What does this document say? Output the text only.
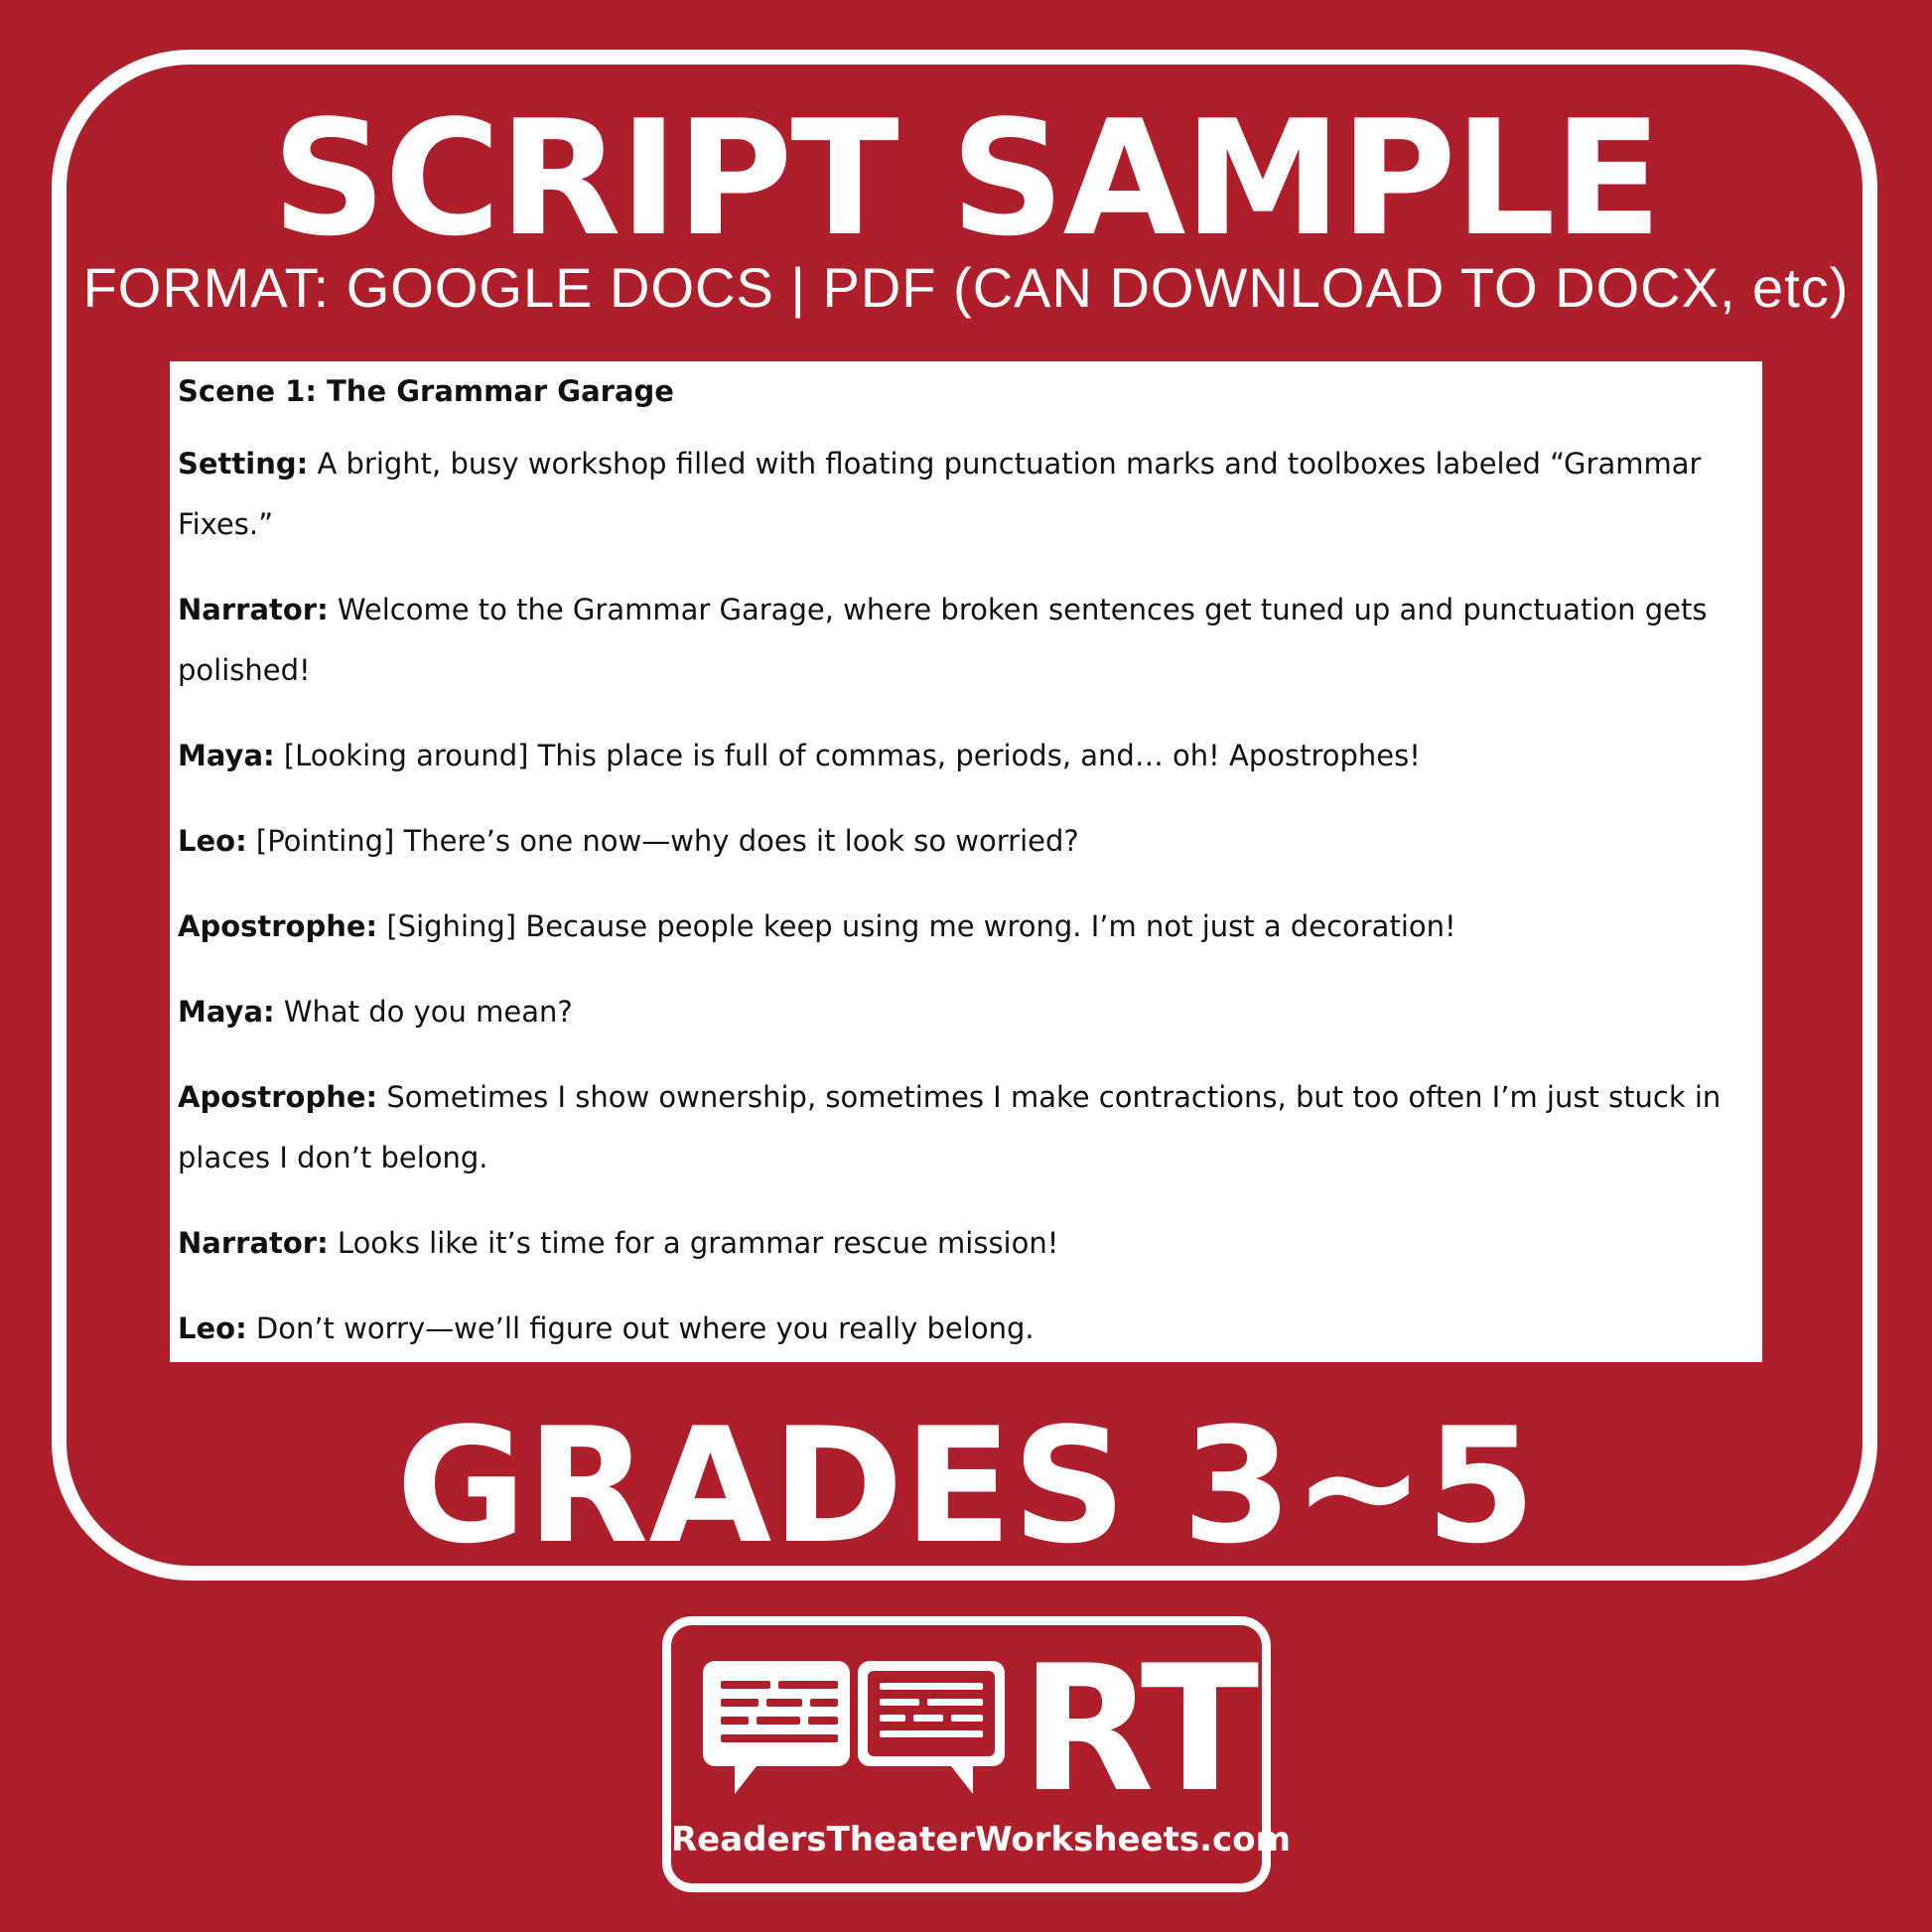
SCRIPT SAMPLE
FORMAT: GOOGLE DOCS | PDF (CAN DOWNLOAD TO DOCX, etc)
Scene 1: The Grammar Garage

Setting: A bright, busy workshop filled with floating punctuation marks and toolboxes labeled “Grammar Fixes.”

Narrator: Welcome to the Grammar Garage, where broken sentences get tuned up and punctuation gets polished!

Maya: [Looking around] This place is full of commas, periods, and… oh! Apostrophes!

Leo: [Pointing] There’s one now—why does it look so worried?

Apostrophe: [Sighing] Because people keep using me wrong. I’m not just a decoration!

Maya: What do you mean?

Apostrophe: Sometimes I show ownership, sometimes I make contractions, but too often I’m just stuck in places I don’t belong.

Narrator: Looks like it’s time for a grammar rescue mission!

Leo: Don’t worry—we’ll figure out where you really belong.

GRADES 3~5
RT
ReadersTheaterWorksheets.com
